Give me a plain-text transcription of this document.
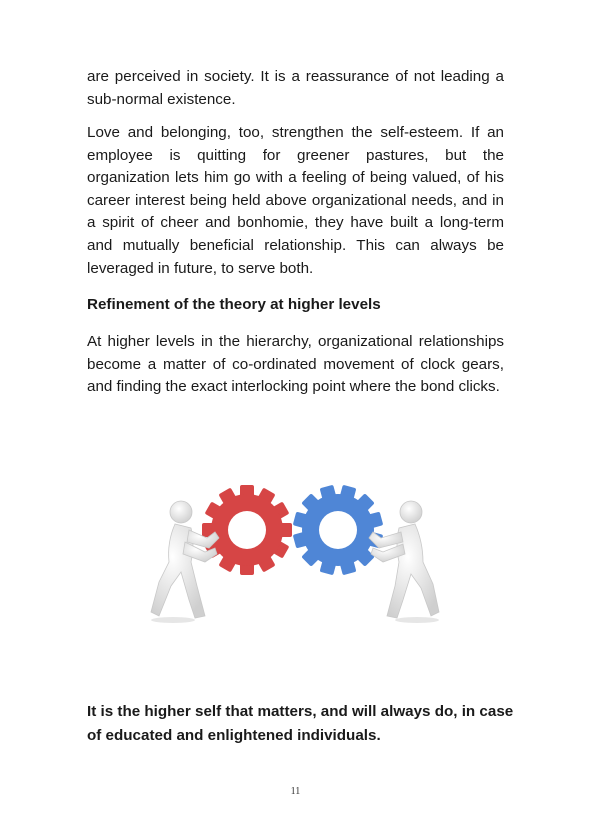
are perceived in society. It is a reassurance of not leading a sub-normal existence.

Love and belonging, too, strengthen the self-esteem. If an employee is quitting for greener pastures, but the organization lets him go with a feeling of being valued, of his career interest being held above organizational needs, and in a spirit of cheer and bonhomie, they have built a long-term and mutually beneficial relationship. This can always be leveraged in future, to serve both.

Refinement of the theory at higher levels

At higher levels in the hierarchy, organizational relationships become a matter of co-ordinated movement of clock gears, and finding the exact interlocking point where the bond clicks.

It is the higher self that matters, and will always do, in case of educated and enlightened individuals.

11
